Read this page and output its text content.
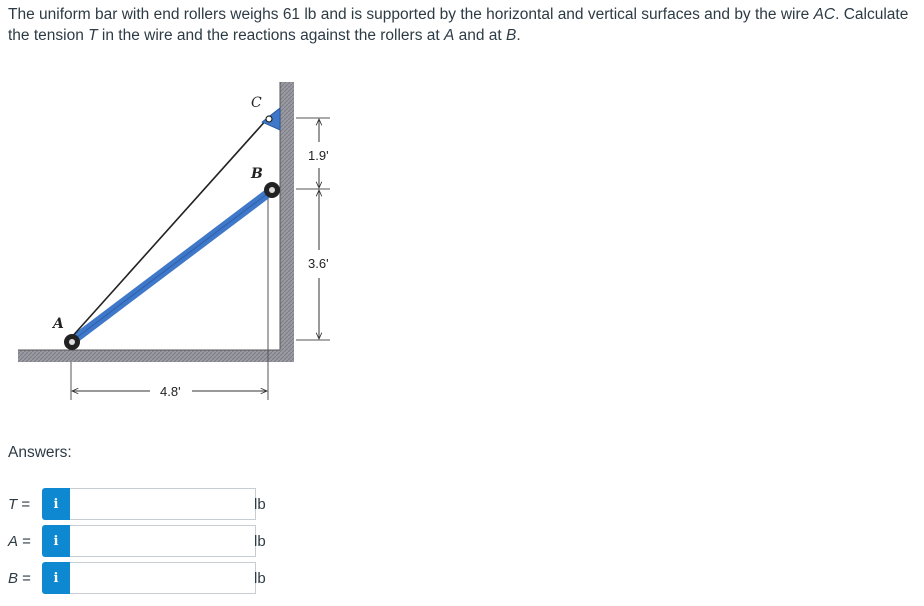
The uniform bar with end rollers weighs 61 lb and is supported by the horizontal and vertical surfaces and by the wire AC. Calculate the tension T in the wire and the reactions against the rollers at A and at B.
A
B
C
4.8'
1.9'
3.6'
Answers:
T =	i	lb
A =	i	lb
B =	i	lb
